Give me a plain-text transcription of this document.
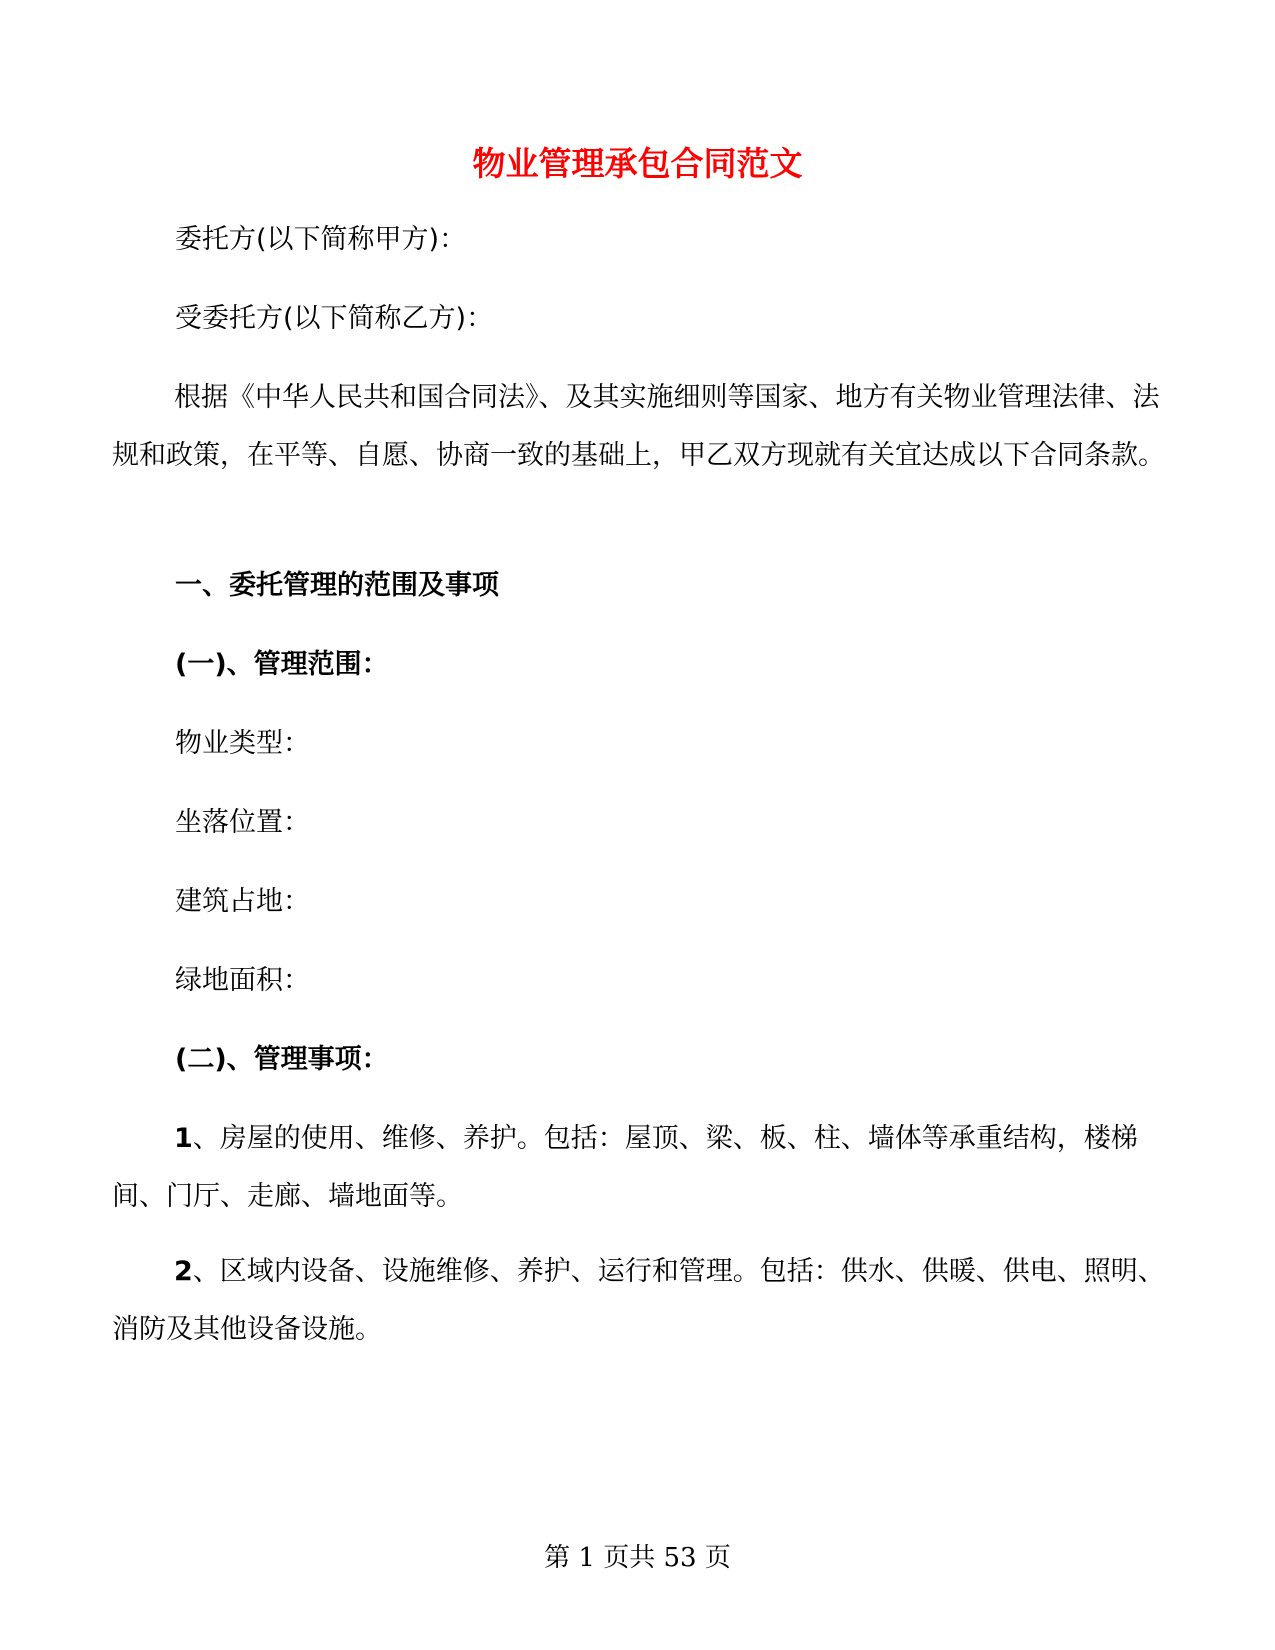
物业管理承包合同范文

委托方(以下简称甲方)：

受委托方(以下简称乙方)：

根据《中华人民共和国合同法》、及其实施细则等国家、地方有关物业管理法律、法规和政策，在平等、自愿、协商一致的基础上，甲乙双方现就有关宜达成以下合同条款。

一、委托管理的范围及事项

(一)、管理范围：

物业类型：

坐落位置：

建筑占地：

绿地面积：

(二)、管理事项：

1、房屋的使用、维修、养护。包括：屋顶、梁、板、柱、墙体等承重结构，楼梯间、门厅、走廊、墙地面等。

2、区域内设备、设施维修、养护、运行和管理。包括：供水、供暖、供电、照明、消防及其他设备设施。

第 1 页共 53 页
